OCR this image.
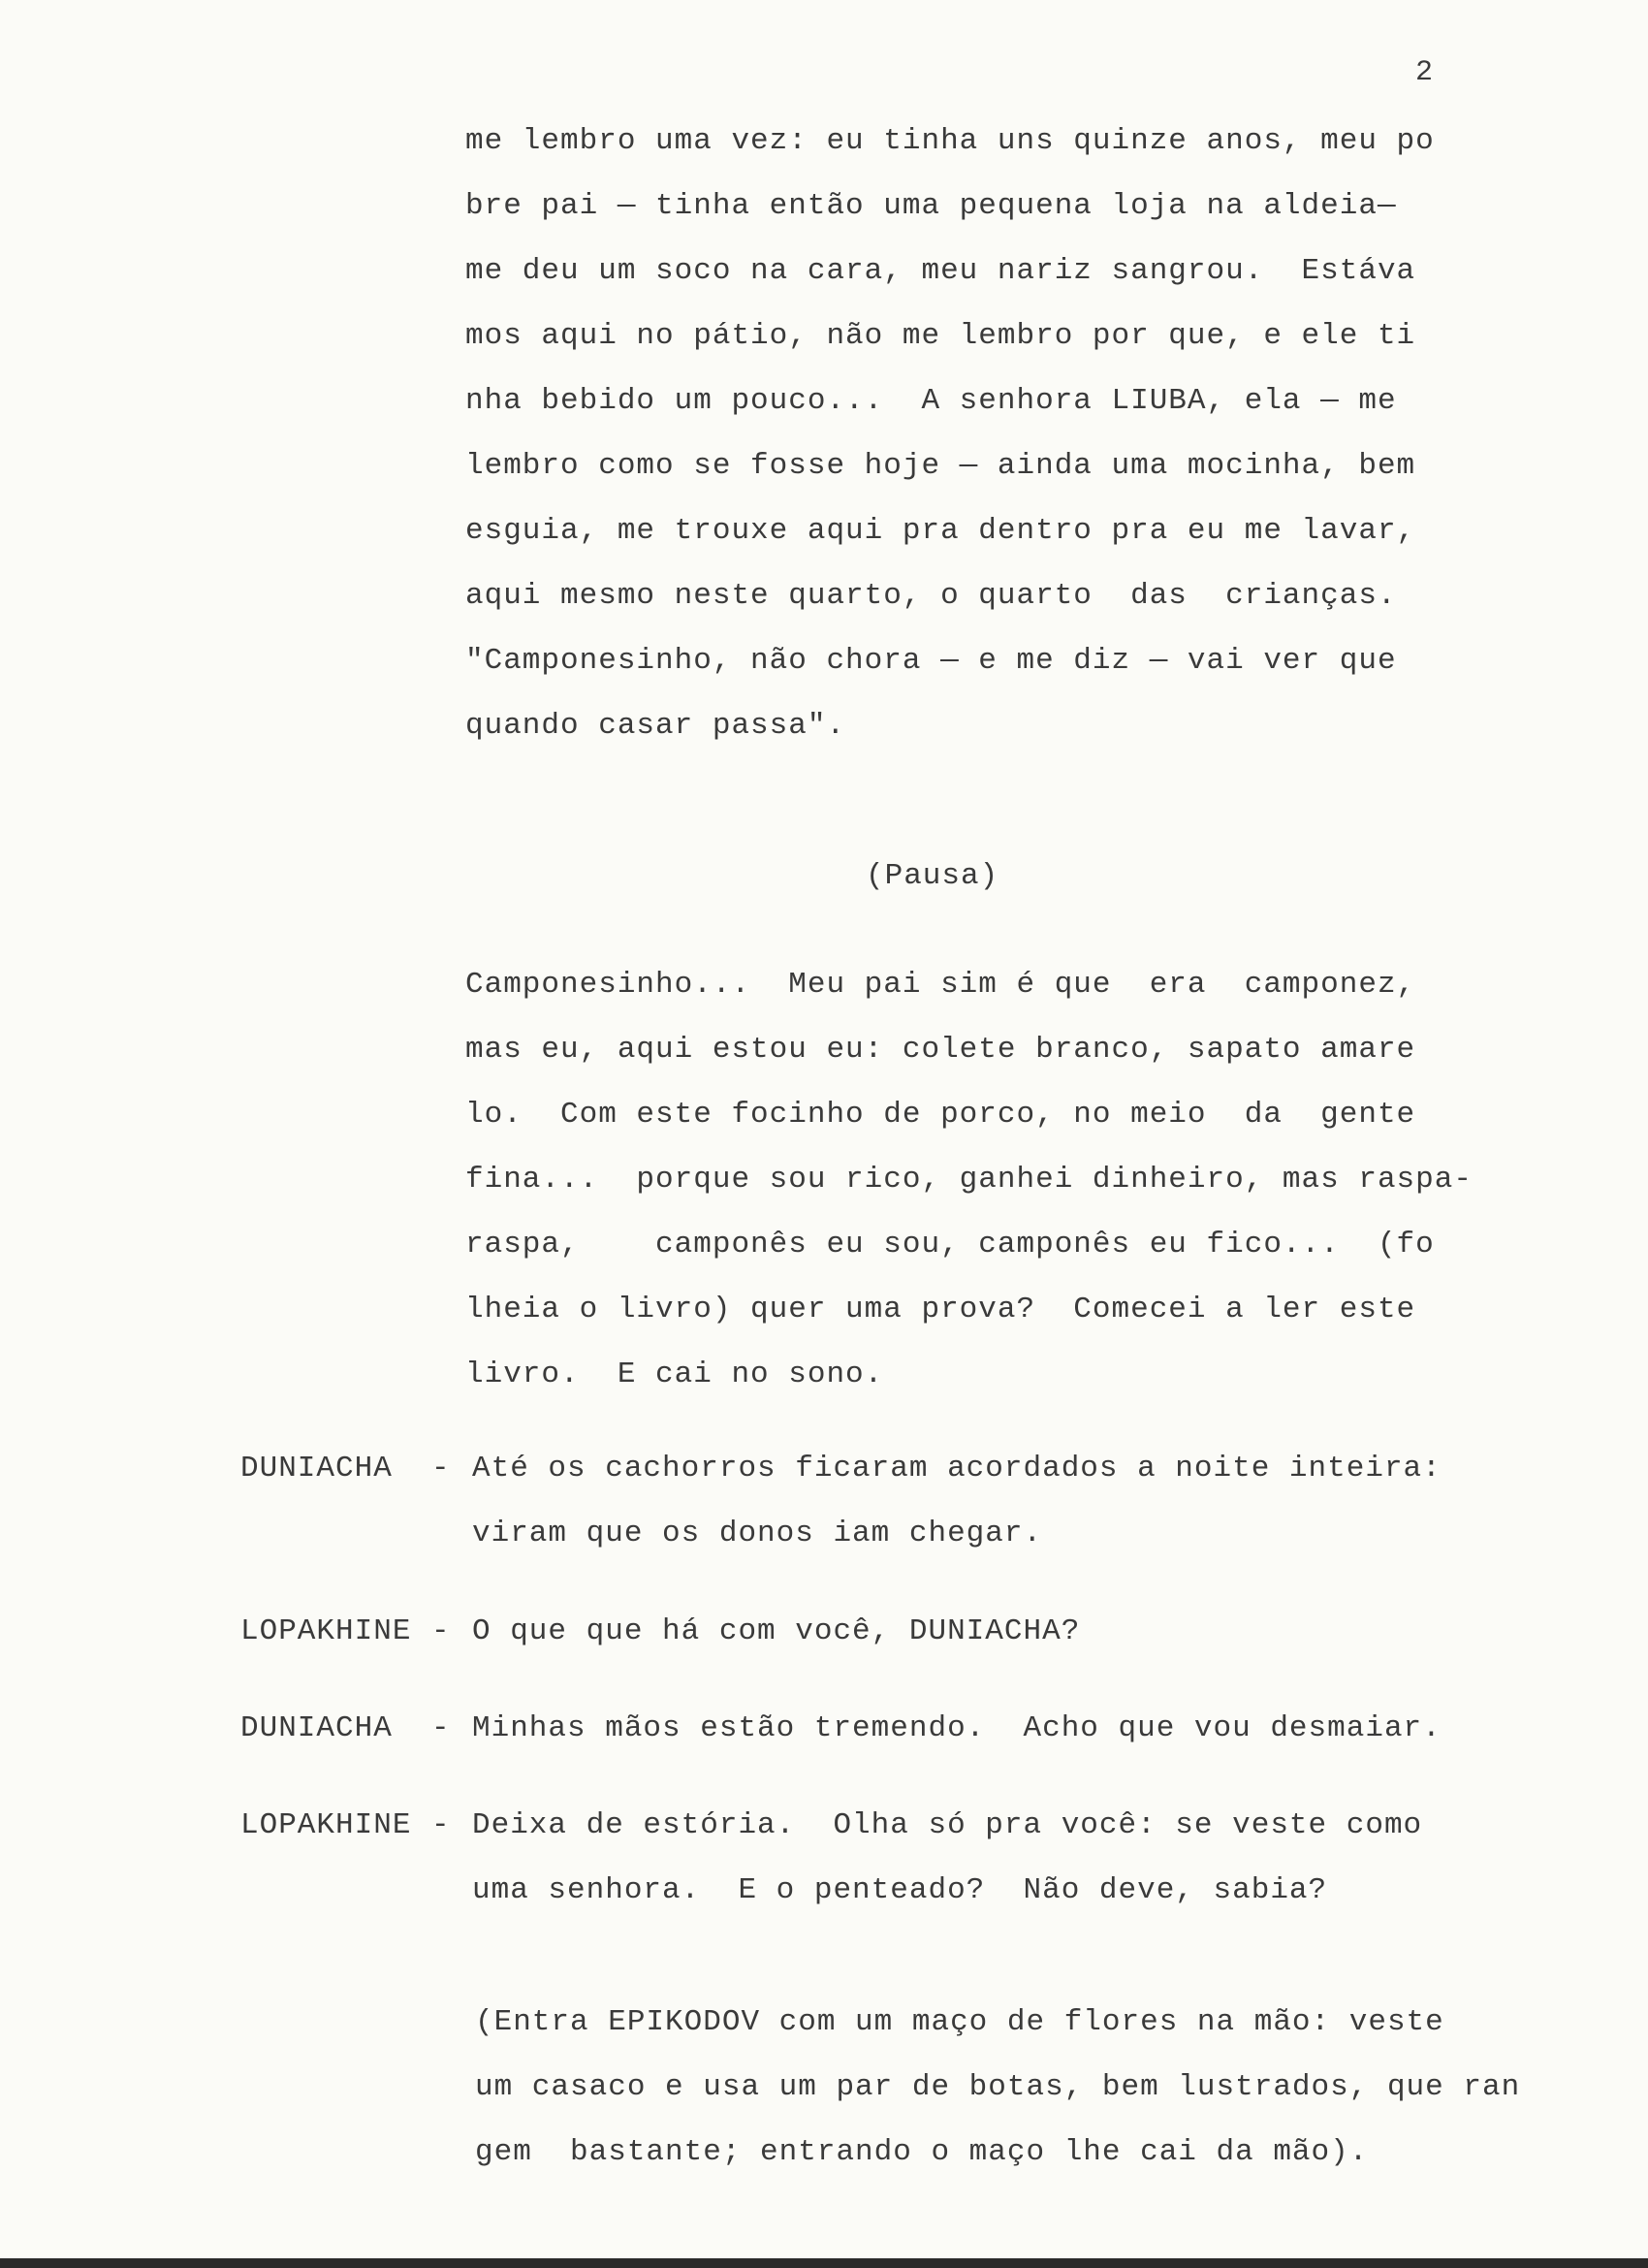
2
me lembro uma vez: eu tinha uns quinze anos, meu po
bre pai — tinha então uma pequena loja na aldeia—
me deu um soco na cara, meu nariz sangrou.  Estáva
mos aqui no pátio, não me lembro por que, e ele ti
nha bebido um pouco...  A senhora LIUBA, ela — me
lembro como se fosse hoje — ainda uma mocinha, bem
esguia, me trouxe aqui pra dentro pra eu me lavar,
aqui mesmo neste quarto, o quarto  das  crianças.
"Camponesinho, não chora — e me diz — vai ver que
quando casar passa".
(Pausa)
Camponesinho...  Meu pai sim é que  era  camponez,
mas eu, aqui estou eu: colete branco, sapato amare
lo.  Com este focinho de porco, no meio  da  gente
fina...  porque sou rico, ganhei dinheiro, mas raspa-
raspa,    camponês eu sou, camponês eu fico...  (fo
lheia o livro) quer uma prova?  Comecei a ler este
livro.  E cai no sono.
DUNIACHA - Até os cachorros ficaram acordados a noite inteira:
viram que os donos iam chegar.
LOPAKHINE - O que que há com você, DUNIACHA?
DUNIACHA - Minhas mãos estão tremendo.  Acho que vou desmaiar.
LOPAKHINE - Deixa de estória.  Olha só pra você: se veste como
uma senhora.  E o penteado?  Não deve, sabia?
(Entra EPIKODOV com um maço de flores na mão: veste
um casaco e usa um par de botas, bem lustrados, que ran
gem  bastante; entrando o maço lhe cai da mão).
